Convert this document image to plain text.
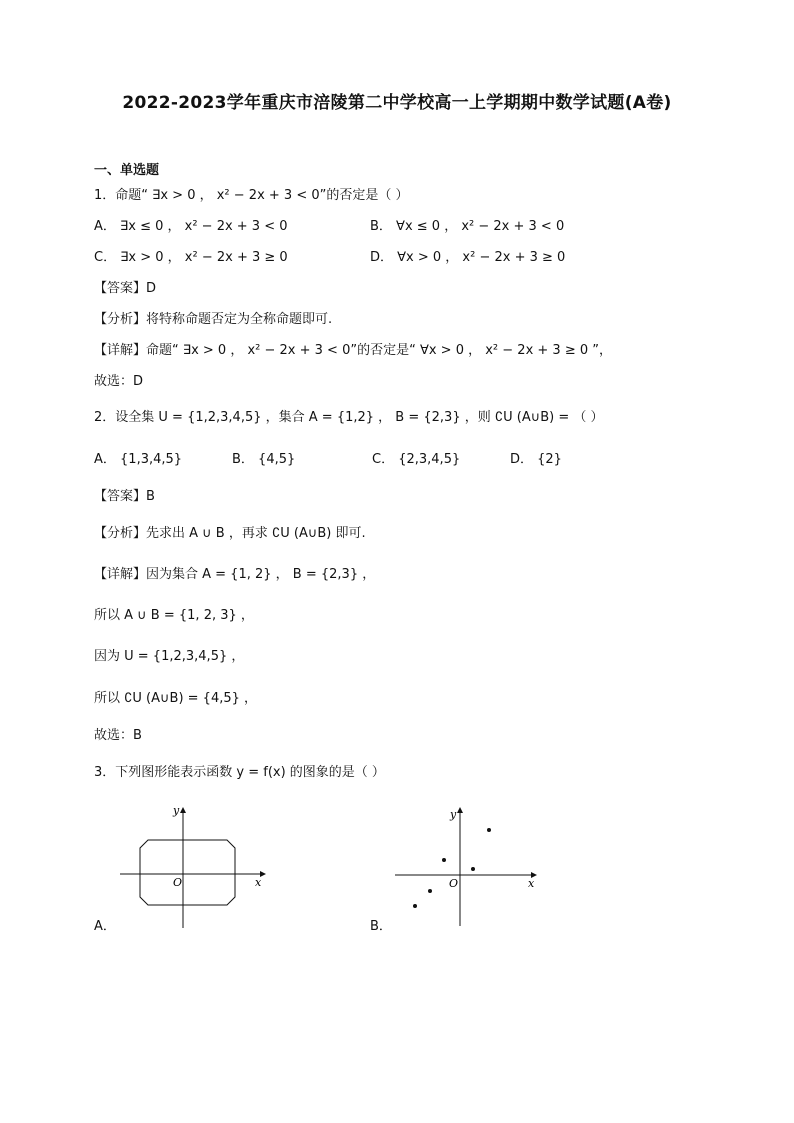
2022-2023学年重庆市涪陵第二中学校高一上学期期中数学试题(A卷)
一、单选题
1．命题“ ∃x > 0 ， x² − 2x + 3 < 0”的否定是（ ）
A． ∃x ≤ 0 ， x² − 2x + 3 < 0	B． ∀x ≤ 0 ， x² − 2x + 3 < 0
C． ∃x > 0 ， x² − 2x + 3 ≥ 0	D． ∀x > 0 ， x² − 2x + 3 ≥ 0
【答案】D
【分析】将特称命题否定为全称命题即可.
【详解】命题“ ∃x > 0 ， x² − 2x + 3 < 0”的否定是“ ∀x > 0 ， x² − 2x + 3 ≥ 0 ”，
故选：D
2．设全集 U = {1,2,3,4,5} ，集合 A = {1,2} ， B = {2,3} ，则 ∁U (A∪B) = （ ）
A． {1,3,4,5}	B． {4,5}	C． {2,3,4,5}	D． {2}
【答案】B
【分析】先求出 A ∪ B ，再求 ∁U (A∪B) 即可.
【详解】因为集合 A = {1, 2} ， B = {2,3} ，
所以 A ∪ B = {1, 2, 3} ，
因为 U = {1,2,3,4,5} ，
所以 ∁U (A∪B) = {4,5} ，
故选：B
3．下列图形能表示函数 y = f(x) 的图象的是（ ）
x
y
O
A．
x
y
O
B．
